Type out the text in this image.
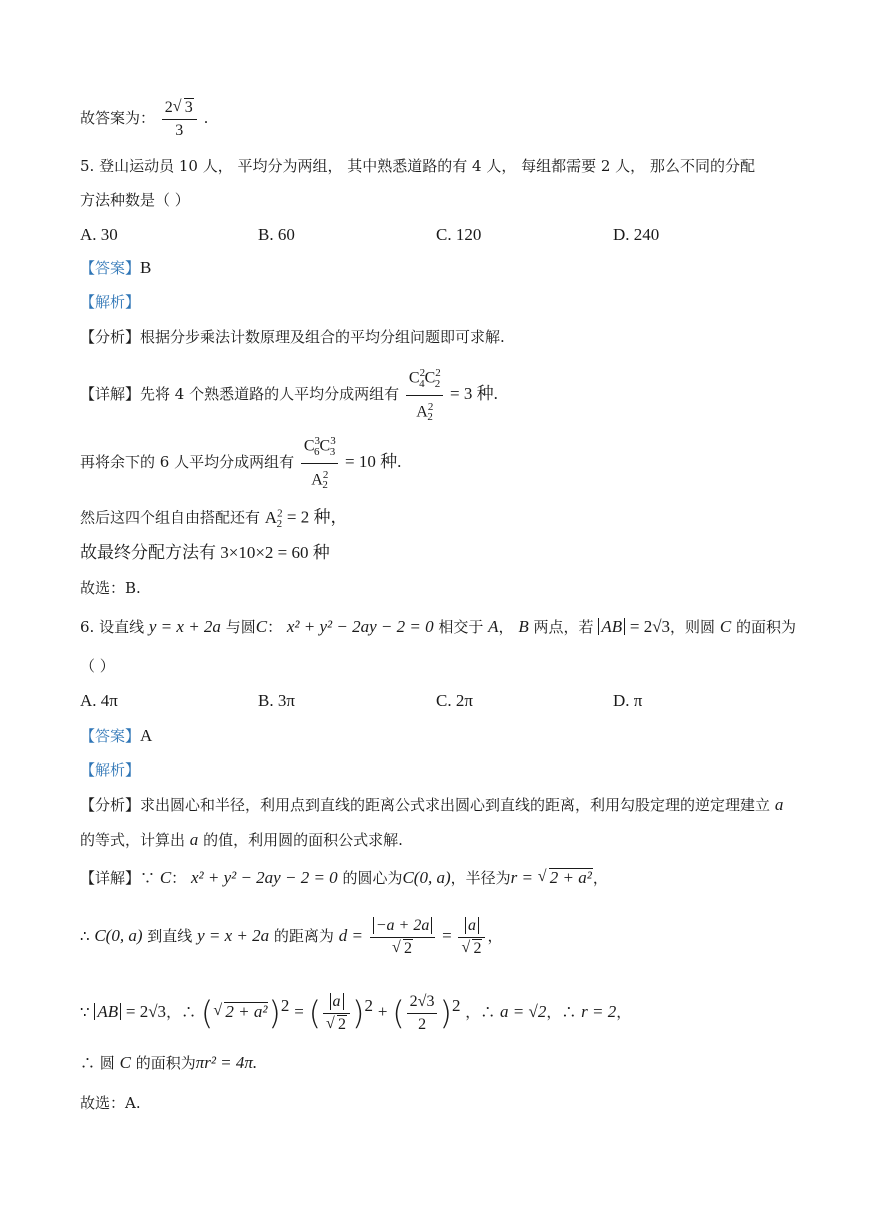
故答案为： $\frac{2 √ 3}{3}$ .
5. 登山运动员 10 人， 平均分为两组， 其中熟悉道路的有 4 人， 每组都需要 2 人， 那么不同的分配
方法种数是（ ）
A. 30	B. 60	C. 120	D. 240
【答案】B
【解析】
【分析】根据分步乘法计数原理及组合的平均分组问题即可求解.
【详解】先将 4 个熟悉道路的人平均分成两组有 $\frac{C^2_4C^2_2}{A^2_2} = 3$ 种.
再将余下的 6 人平均分成两组有 $\frac{C^3_6C^3_3}{A^2_2} = 10$ 种.
然后这四个组自由搭配还有 $A^2_2 = 2$ 种，
故最终分配方法有 3×10×2 = 60 种
故选：B.
6. 设直线 y = x + 2a 与圆C： x² + y² − 2ay − 2 = 0 相交于 A， B 两点，若 AB = 2√3，则圆 C 的面积为
（ ）
A. 4π	B. 3π	C. 2π	D. π
【答案】A
【解析】
【分析】求出圆心和半径，利用点到直线的距离公式求出圆心到直线的距离，利用勾股定理的逆定理建立 a
的等式，计算出 a 的值，利用圆的面积公式求解.
【详解】∵ C： x² + y² − 2ay − 2 = 0 的圆心为C(0, a)，半径为r = √ 2 + a²，
∴ C(0, a) 到直线 y = x + 2a 的距离为 d = −a + 2a
√ 2 = a
√ 2 ，
∵ AB = 2√3，∴ ( √ 2 + a²)$^2$ = ( a
√ 2 )$^2$ + ( $\frac{2√3}{2} )^2$ ，∴ a = √2，∴ r = 2，
∴ 圆 C 的面积为πr² = 4π.
故选：A.
